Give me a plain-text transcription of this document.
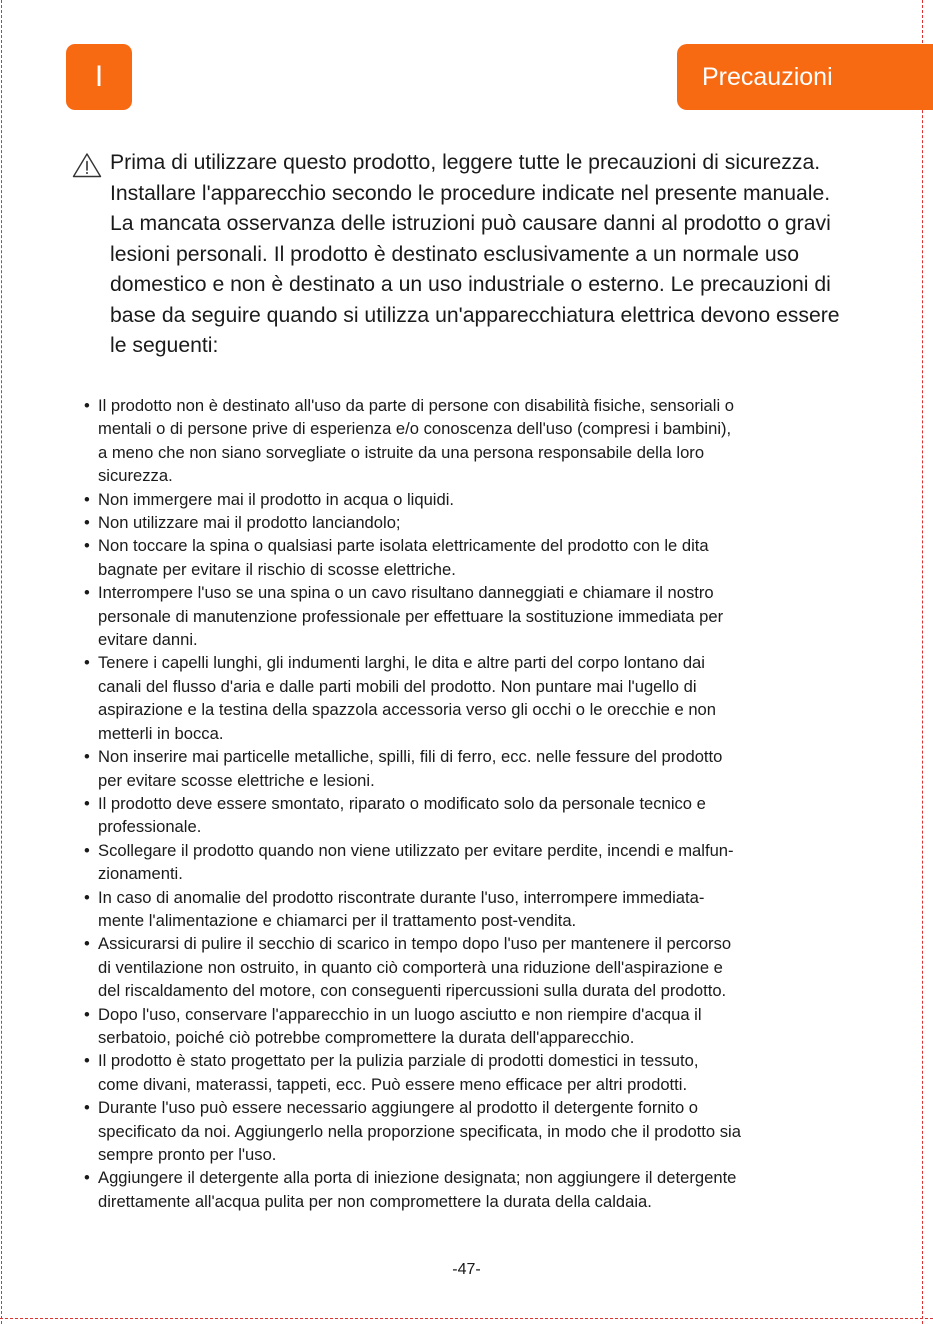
I	Precauzioni

Prima di utilizzare questo prodotto, leggere tutte le precauzioni di sicurezza. Installare l'apparecchio secondo le procedure indicate nel presente manuale. La mancata osservanza delle istruzioni può causare danni al prodotto o gravi lesioni personali. Il prodotto è destinato esclusivamente a un normale uso domestico e non è destinato a un uso industriale o esterno. Le precauzioni di base da seguire quando si utilizza un'apparecchiatura elettrica devono essere le seguenti:

• Il prodotto non è destinato all'uso da parte di persone con disabilità fisiche, sensoriali o
mentali o di persone prive di esperienza e/o conoscenza dell'uso (compresi i bambini),
a meno che non siano sorvegliate o istruite da una persona responsabile della loro
sicurezza.
• Non immergere mai il prodotto in acqua o liquidi.
• Non utilizzare mai il prodotto lanciandolo;
• Non toccare la spina o qualsiasi parte isolata elettricamente del prodotto con le dita
bagnate per evitare il rischio di scosse elettriche.
• Interrompere l'uso se una spina o un cavo risultano danneggiati e chiamare il nostro
personale di manutenzione professionale per effettuare la sostituzione immediata per
evitare danni.
• Tenere i capelli lunghi, gli indumenti larghi, le dita e altre parti del corpo lontano dai
canali del flusso d'aria e dalle parti mobili del prodotto. Non puntare mai l'ugello di
aspirazione e la testina della spazzola accessoria verso gli occhi o le orecchie e non
metterli in bocca.
• Non inserire mai particelle metalliche, spilli, fili di ferro, ecc. nelle fessure del prodotto
per evitare scosse elettriche e lesioni.
• Il prodotto deve essere smontato, riparato o modificato solo da personale tecnico e
professionale.
• Scollegare il prodotto quando non viene utilizzato per evitare perdite, incendi e malfun-
zionamenti.
• In caso di anomalie del prodotto riscontrate durante l'uso, interrompere immediata-
mente l'alimentazione e chiamarci per il trattamento post-vendita.
• Assicurarsi di pulire il secchio di scarico in tempo dopo l'uso per mantenere il percorso
di ventilazione non ostruito, in quanto ciò comporterà una riduzione dell'aspirazione e
del riscaldamento del motore, con conseguenti ripercussioni sulla durata del prodotto.
• Dopo l'uso, conservare l'apparecchio in un luogo asciutto e non riempire d'acqua il
serbatoio, poiché ciò potrebbe compromettere la durata dell'apparecchio.
• Il prodotto è stato progettato per la pulizia parziale di prodotti domestici in tessuto,
come divani, materassi, tappeti, ecc. Può essere meno efficace per altri prodotti.
• Durante l'uso può essere necessario aggiungere al prodotto il detergente fornito o
specificato da noi. Aggiungerlo nella proporzione specificata, in modo che il prodotto sia
sempre pronto per l'uso.
• Aggiungere il detergente alla porta di iniezione designata; non aggiungere il detergente
direttamente all'acqua pulita per non compromettere la durata della caldaia.
-47-
